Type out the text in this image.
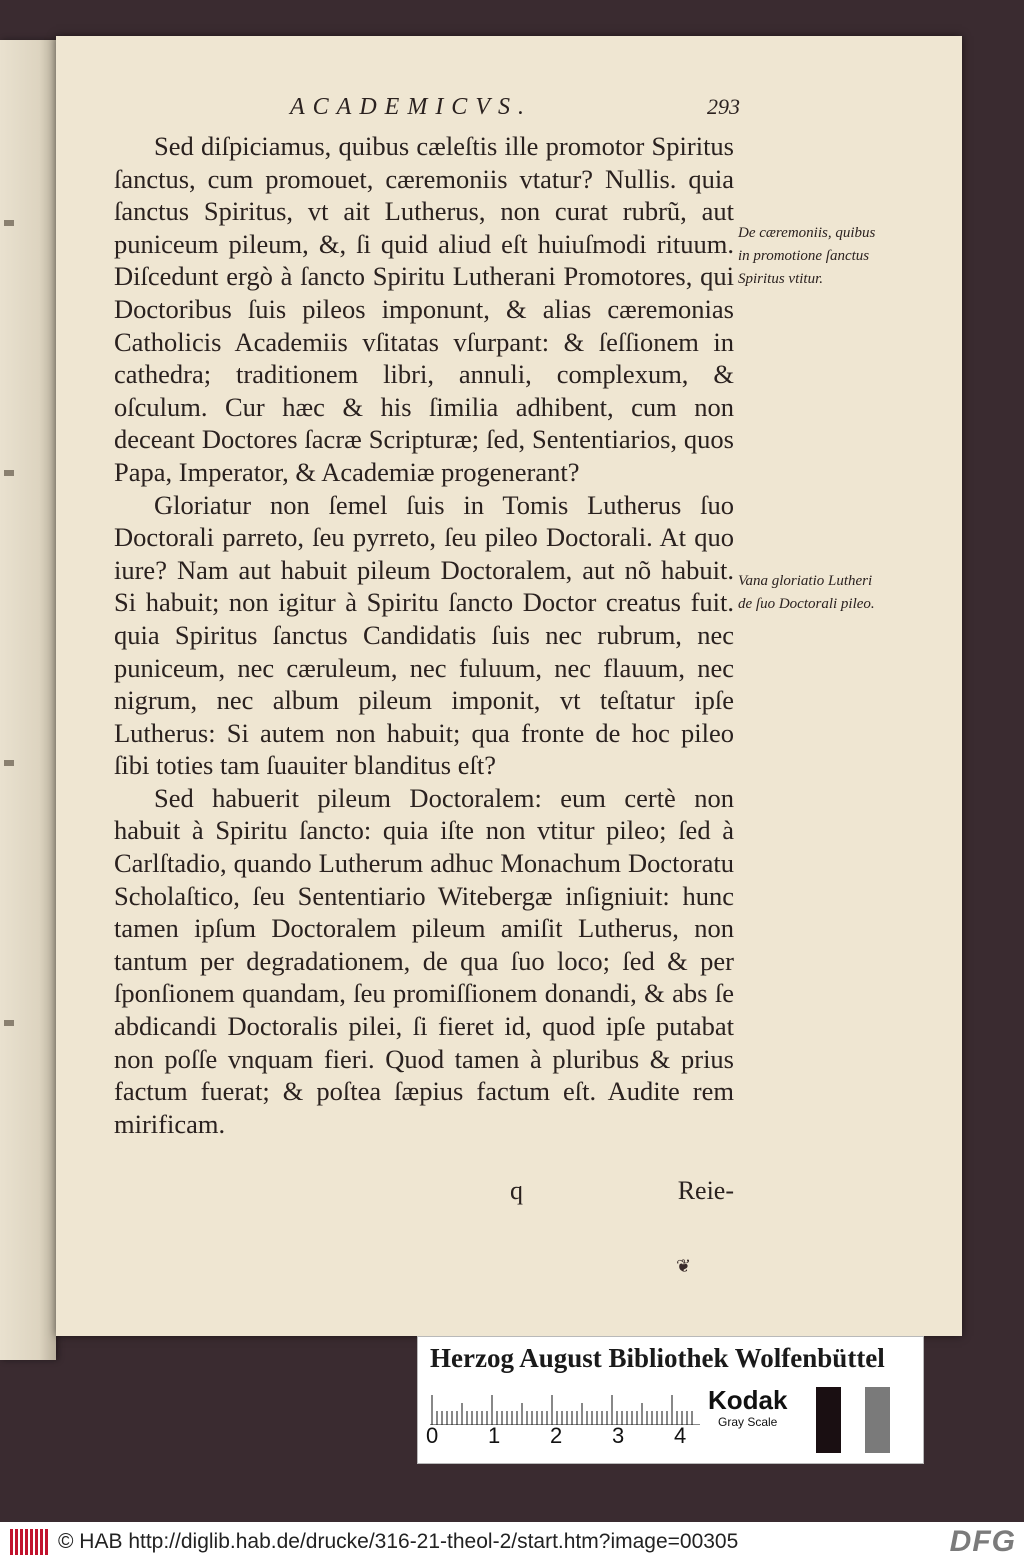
ACADEMICVS.	293

Sed diſpiciamus, quibus cæleſtis ille promotor Spiritus ſanctus, cum promouet, cæremoniis vtatur? Nullis. quia ſanctus Spiritus, vt ait Lutherus, non curat rubrũ, aut puniceum pileum, &, ſi quid aliud eſt huiuſmodi rituum. Diſcedunt ergò à ſancto Spiritu Lutherani Promotores, qui Doctoribus ſuis pileos imponunt, & alias cæremonias Catholicis Academiis vſitatas vſurpant: & ſeſſionem in cathedra; traditionem libri, annuli, complexum, & oſculum. Cur hæc & his ſimilia adhibent, cum non deceant Doctores ſacræ Scripturæ; ſed, Sententiarios, quos Papa, Imperator, & Academiæ progenerant?

Gloriatur non ſemel ſuis in Tomis Lutherus ſuo Doctorali parreto, ſeu pyrreto, ſeu pileo Doctorali. At quo iure? Nam aut habuit pileum Doctoralem, aut nõ habuit. Si habuit; non igitur à Spiritu ſancto Doctor creatus fuit. quia Spiritus ſanctus Candidatis ſuis nec rubrum, nec puniceum, nec cæruleum, nec fuluum, nec flauum, nec nigrum, nec album pileum imponit, vt teſtatur ipſe Lutherus: Si autem non habuit; qua fronte de hoc pileo ſibi toties tam ſuauiter blanditus eſt?

Sed habuerit pileum Doctoralem: eum certè non habuit à Spiritu ſancto: quia iſte non vtitur pileo; ſed à Carlſtadio, quando Lutherum adhuc Monachum Doctoratu Scholaſtico, ſeu Sententiario Witebergæ inſigniuit: hunc tamen ipſum Doctoralem pileum amiſit Lutherus, non tantum per degradationem, de qua ſuo loco; ſed & per ſponſionem quandam, ſeu promiſſionem donandi, & abs ſe abdicandi Doctoralis pilei, ſi fieret id, quod ipſe putabat non poſſe vnquam fieri. Quod tamen à pluribus & prius factum fuerat; & poſtea ſæpius factum eſt. Audite rem mirificam.

De cæremoniis, quibus in promotione ſanctus Spiritus vtitur.
Vana gloriatio Lutheri de ſuo Doctorali pileo.
q	Reie-
❦
Herzog August Bibliothek Wolfenbüttel
0 1 2 3 4
Kodak
Gray Scale
© HAB http://diglib.hab.de/drucke/316-21-theol-2/start.htm?image=00305	DFG
